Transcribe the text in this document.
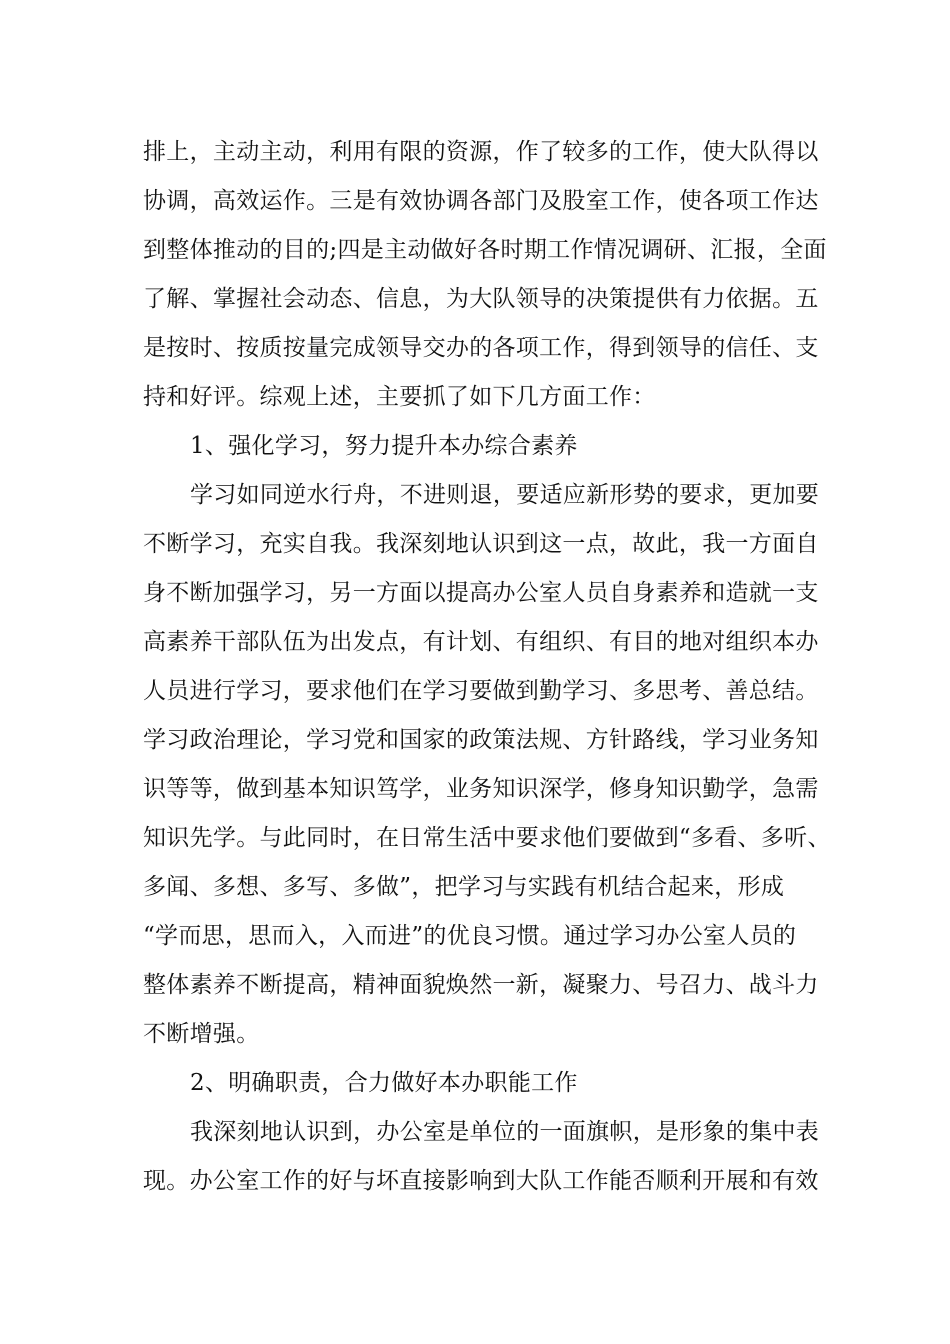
排上，主动主动，利用有限的资源，作了较多的工作，使大队得以

协调，高效运作。三是有效协调各部门及股室工作，使各项工作达

到整体推动的目的;四是主动做好各时期工作情况调研、汇报，全面

了解、掌握社会动态、信息，为大队领导的决策提供有力依据。五

是按时、按质按量完成领导交办的各项工作，得到领导的信任、支

持和好评。综观上述，主要抓了如下几方面工作：

1、强化学习，努力提升本办综合素养

学习如同逆水行舟，不进则退，要适应新形势的要求，更加要

不断学习，充实自我。我深刻地认识到这一点，故此，我一方面自

身不断加强学习，另一方面以提高办公室人员自身素养和造就一支

高素养干部队伍为出发点，有计划、有组织、有目的地对组织本办

人员进行学习，要求他们在学习要做到勤学习、多思考、善总结。

学习政治理论，学习党和国家的政策法规、方针路线，学习业务知

识等等，做到基本知识笃学，业务知识深学，修身知识勤学，急需

知识先学。与此同时，在日常生活中要求他们要做到“多看、多听、

多闻、多想、多写、多做”，把学习与实践有机结合起来，形成

“学而思，思而入，入而进”的优良习惯。通过学习办公室人员的

整体素养不断提高，精神面貌焕然一新，凝聚力、号召力、战斗力

不断增强。

2、明确职责，合力做好本办职能工作

我深刻地认识到，办公室是单位的一面旗帜，是形象的集中表

现。办公室工作的好与坏直接影响到大队工作能否顺利开展和有效
